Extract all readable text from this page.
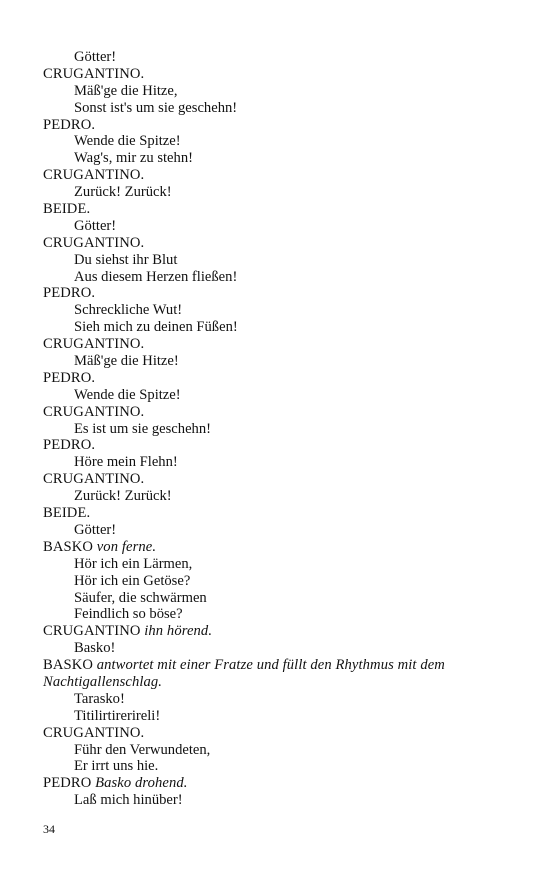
Götter!
CRUGANTINO.
Mäß'ge die Hitze,
Sonst ist's um sie geschehn!
PEDRO.
Wende die Spitze!
Wag's, mir zu stehn!
CRUGANTINO.
Zurück! Zurück!
BEIDE.
Götter!
CRUGANTINO.
Du siehst ihr Blut
Aus diesem Herzen fließen!
PEDRO.
Schreckliche Wut!
Sieh mich zu deinen Füßen!
CRUGANTINO.
Mäß'ge die Hitze!
PEDRO.
Wende die Spitze!
CRUGANTINO.
Es ist um sie geschehn!
PEDRO.
Höre mein Flehn!
CRUGANTINO.
Zurück! Zurück!
BEIDE.
Götter!
BASKO von ferne.
Hör ich ein Lärmen,
Hör ich ein Getöse?
Säufer, die schwärmen
Feindlich so böse?
CRUGANTINO ihn hörend.
Basko!
BASKO antwortet mit einer Fratze und füllt den Rhythmus mit dem Nachtigallenschlag.
Tarasko!
Titilirtirerireli!
CRUGANTINO.
Führ den Verwundeten,
Er irrt uns hie.
PEDRO Basko drohend.
Laß mich hinüber!
34
